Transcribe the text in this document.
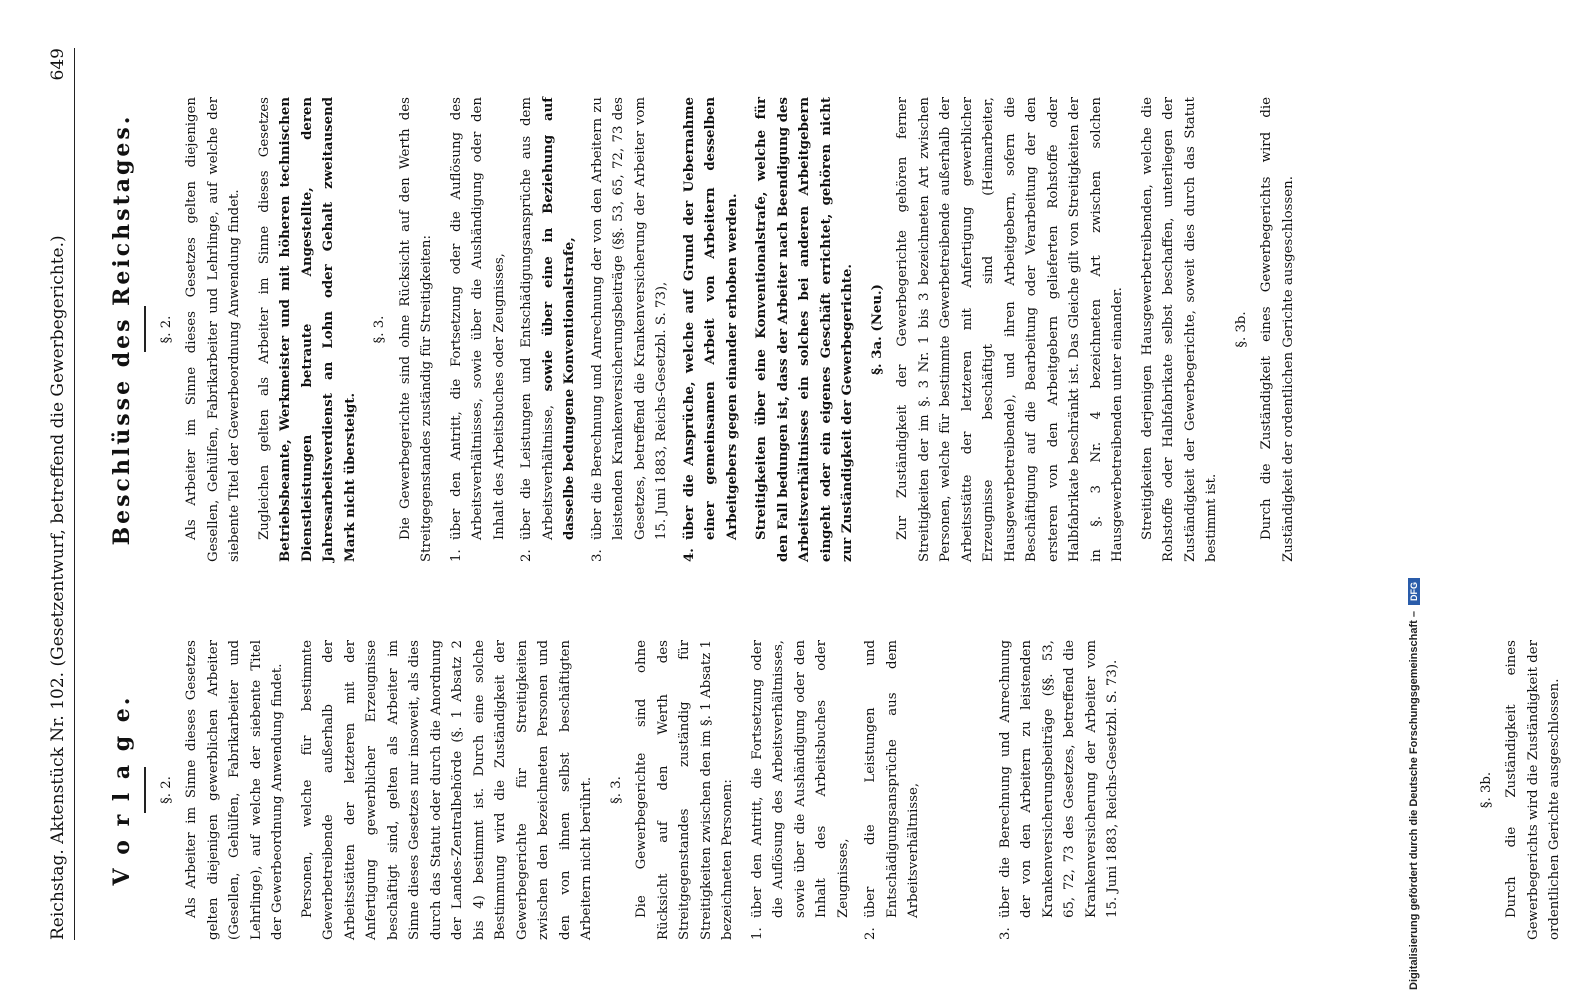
Reichstag. Aktenstück Nr. 102. (Gesetzentwurf, betreffend die Gewerbegerichte.)
649
V o r l a g e. §. 2. Als Arbeiter im Sinne dieses Gesetzes gelten diejenigen gewerblichen Arbeiter (Gesellen, Gehülfen, Fabrikarbeiter und Lehrlinge), auf welche der siebente Titel der Gewerbeordnung Anwendung findet. Personen, welche für bestimmte Gewerbetreibende außerhalb der Arbeitsstätten der letzteren mit der Anfertigung gewerblicher Erzeugnisse beschäftigt sind, gelten als Arbeiter im Sinne dieses Gesetzes nur insoweit, als dies durch das Statut oder durch die Anordnung der Landes-Zentralbehörde (§. 1 Absatz 2 bis 4) bestimmt ist. Durch eine solche Bestimmung wird die Zuständigkeit der Gewerbegerichte für Streitigkeiten zwischen den bezeichneten Personen und den von ihnen selbst beschäftigten Arbeitern nicht berührt. §. 3. Die Gewerbegerichte sind ohne Rücksicht auf den Werth des Streitgegenstandes zuständig für Streitigkeiten zwischen den im §. 1 Absatz 1 bezeichneten Personen: 1.
über den Antritt, die Fortsetzung oder die Auflösung des Arbeitsverhältnisses, sowie über die Aushändigung oder den Inhalt des Arbeitsbuches oder Zeugnisses,
2.
über die Leistungen und Entschädigungsansprüche aus dem Arbeitsverhältnisse,
3.
über die Berechnung und Anrechnung der von den Arbeitern zu leistenden Krankenversicherungsbeiträge (§§. 53, 65, 72, 73 des Gesetzes, betreffend die Krankenversicherung der Arbeiter vom 15. Juni 1883, Reichs-Gesetzbl. S. 73).	§. 3b. Durch die Zuständigkeit eines Gewerbegerichts wird die Zuständigkeit der ordentlichen Gerichte ausgeschlossen.

Beschlüsse des Reichstages. §. 2. Als Arbeiter im Sinne dieses Gesetzes gelten diejenigen Gesellen, Gehülfen, Fabrikarbeiter und Lehrlinge, auf welche der siebente Titel der Gewerbeordnung Anwendung findet. Zugleichen gelten als Arbeiter im Sinne dieses Gesetzes Betriebsbeamte, Werkmeister und mit höheren technischen Dienstleistungen betraute Angestellte, deren Jahresarbeitsverdienst an Lohn oder Gehalt zweitausend Mark nicht übersteigt.

§. 3. Die Gewerbegerichte sind ohne Rücksicht auf den Werth des Streitgegenstandes zuständig für Streitigkeiten: 1.
über den Antritt, die Fortsetzung oder die Auflösung des Arbeitsverhältnisses, sowie über die Aushändigung oder den Inhalt des Arbeitsbuches oder Zeugnisses,
2.
über die Leistungen und Entschädigungsansprüche aus dem Arbeitsverhältnisse, sowie über eine in Beziehung auf dasselbe bedungene Konventionalstrafe,
3.
über die Berechnung und Anrechnung der von den Arbeitern zu leistenden Krankenversicherungsbeiträge (§§. 53, 65, 72, 73 des Gesetzes, betreffend die Krankenversicherung der Arbeiter vom 15. Juni 1883, Reichs-Gesetzbl. S. 73),
4.
über die Ansprüche, welche auf Grund der Uebernahme einer gemeinsamen Arbeit von Arbeitern desselben Arbeitgebers gegen einander erhoben werden. Streitigkeiten über eine Konventionalstrafe, welche für den Fall bedungen ist, dass der Arbeiter nach Beendigung des Arbeitsverhältnisses ein solches bei anderen Arbeitgebern eingeht oder ein eigenes Geschäft errichtet, gehören nicht zur Zuständigkeit der Gewerbegerichte. §. 3a. (Neu.) Zur Zuständigkeit der Gewerbegerichte gehören ferner Streitigkeiten der im §. 3 Nr. 1 bis 3 bezeichneten Art zwischen Personen, welche für bestimmte Gewerbetreibende außerhalb der Arbeitsstätte der letzteren mit Anfertigung gewerblicher Erzeugnisse beschäftigt sind (Heimarbeiter, Hausgewerbetreibende), und ihren Arbeitgebern, sofern die Beschäftigung auf die Bearbeitung oder Verarbeitung der den ersteren von den Arbeitgebern gelieferten Rohstoffe oder Halbfabrikate beschränkt ist. Das Gleiche gilt von Streitigkeiten der in §. 3 Nr. 4 bezeichneten Art zwischen solchen Hausgewerbetreibenden unter einander. Streitigkeiten derjenigen Hausgewerbetreibenden, welche die Rohstoffe oder Halbfabrikate selbst beschaffen, unterliegen der Zuständigkeit der Gewerbegerichte, soweit dies durch das Statut bestimmt ist.

§. 3b. Durch die Zuständigkeit eines Gewerbegerichts wird die Zuständigkeit der ordentlichen Gerichte ausgeschlossen.

Digitalisierung gefördert durch die Deutsche Forschungsgemeinschaft –
DFG
